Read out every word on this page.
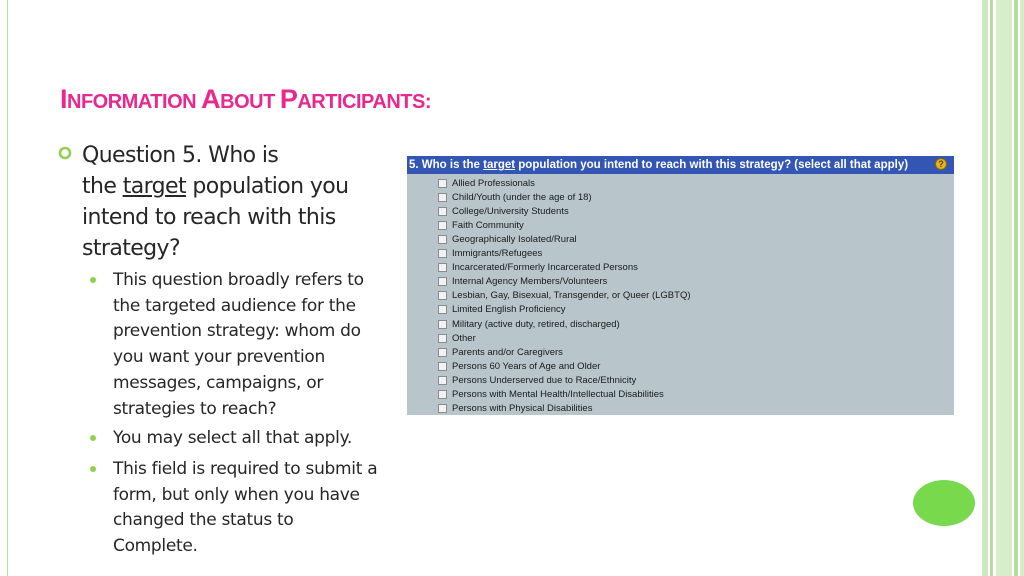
INFORMATION ABOUT PARTICIPANTS:
Question 5. Who is
the target population you
intend to reach with this
strategy?
This question broadly refers to the targeted audience for the prevention strategy: whom do you want your prevention messages, campaigns, or strategies to reach?
You may select all that apply.
This field is required to submit a form, but only when you have changed the status to Complete.
5. Who is the target population you intend to reach with this strategy? (select all that apply)	?
Allied Professionals
Child/Youth (under the age of 18)
College/University Students
Faith Community
Geographically Isolated/Rural
Immigrants/Refugees
Incarcerated/Formerly Incarcerated Persons
Internal Agency Members/Volunteers
Lesbian, Gay, Bisexual, Transgender, or Queer (LGBTQ)
Limited English Proficiency
Military (active duty, retired, discharged)
Other
Parents and/or Caregivers
Persons 60 Years of Age and Older
Persons Underserved due to Race/Ethnicity
Persons with Mental Health/Intellectual Disabilities
Persons with Physical Disabilities
